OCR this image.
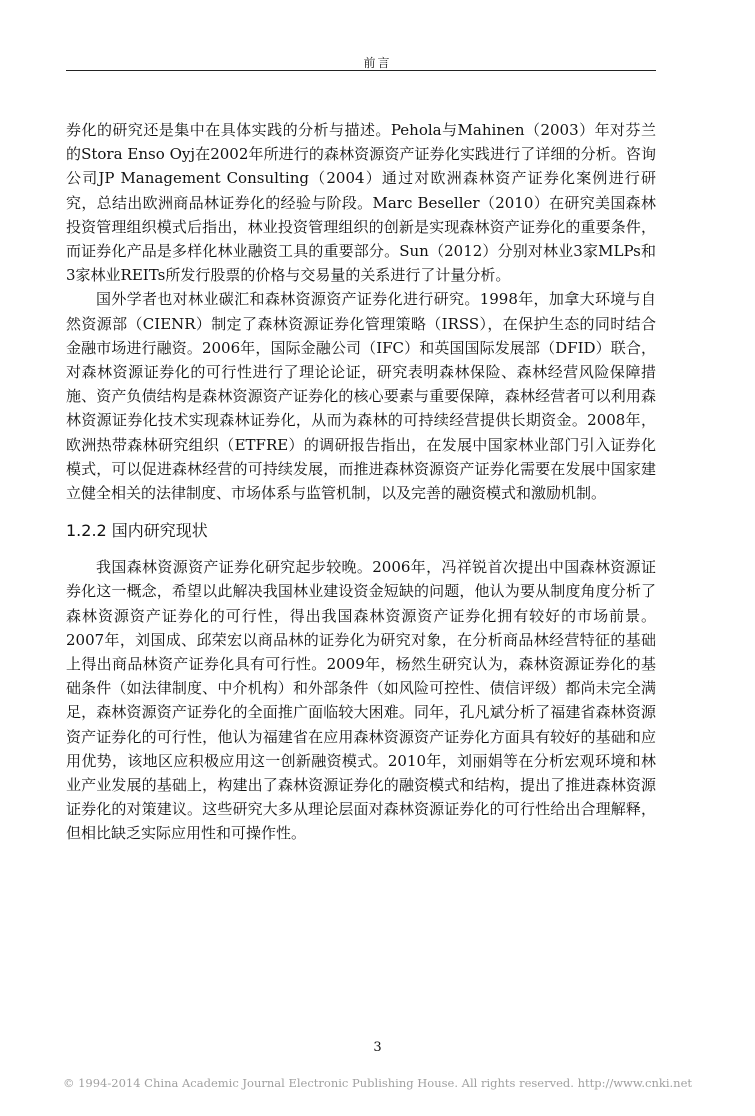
前言

券化的研究还是集中在具体实践的分析与描述。Pehola与Mahinen（2003）年对芬兰的Stora Enso Oyj在2002年所进行的森林资源资产证券化实践进行了详细的分析。咨询公司JP Management Consulting（2004）通过对欧洲森林资产证券化案例进行研究，总结出欧洲商品林证券化的经验与阶段。Marc Beseller（2010）在研究美国森林投资管理组织模式后指出，林业投资管理组织的创新是实现森林资产证券化的重要条件，而证券化产品是多样化林业融资工具的重要部分。Sun（2012）分别对林业3家MLPs和3家林业REITs所发行股票的价格与交易量的关系进行了计量分析。

国外学者也对林业碳汇和森林资源资产证券化进行研究。1998年，加拿大环境与自然资源部（CIENR）制定了森林资源证券化管理策略（IRSS），在保护生态的同时结合金融市场进行融资。2006年，国际金融公司（IFC）和英国国际发展部（DFID）联合，对森林资源证券化的可行性进行了理论论证，研究表明森林保险、森林经营风险保障措施、资产负债结构是森林资源资产证券化的核心要素与重要保障，森林经营者可以利用森林资源证券化技术实现森林证券化，从而为森林的可持续经营提供长期资金。2008年，欧洲热带森林研究组织（ETFRE）的调研报告指出，在发展中国家林业部门引入证券化模式，可以促进森林经营的可持续发展，而推进森林资源资产证券化需要在发展中国家建立健全相关的法律制度、市场体系与监管机制，以及完善的融资模式和激励机制。

1.2.2 国内研究现状

我国森林资源资产证券化研究起步较晚。2006年，冯祥锐首次提出中国森林资源证券化这一概念，希望以此解决我国林业建设资金短缺的问题，他认为要从制度角度分析了森林资源资产证券化的可行性，得出我国森林资源资产证券化拥有较好的市场前景。2007年，刘国成、邱荣宏以商品林的证券化为研究对象，在分析商品林经营特征的基础上得出商品林资产证券化具有可行性。2009年，杨然生研究认为，森林资源证券化的基础条件（如法律制度、中介机构）和外部条件（如风险可控性、债信评级）都尚未完全满足，森林资源资产证券化的全面推广面临较大困难。同年，孔凡斌分析了福建省森林资源资产证券化的可行性，他认为福建省在应用森林资源资产证券化方面具有较好的基础和应用优势，该地区应积极应用这一创新融资模式。2010年，刘丽娟等在分析宏观环境和林业产业发展的基础上，构建出了森林资源证券化的融资模式和结构，提出了推进森林资源证券化的对策建议。这些研究大多从理论层面对森林资源证券化的可行性给出合理解释，但相比缺乏实际应用性和可操作性。

3
© 1994-2014 China Academic Journal Electronic Publishing House. All rights reserved. http://www.cnki.net
